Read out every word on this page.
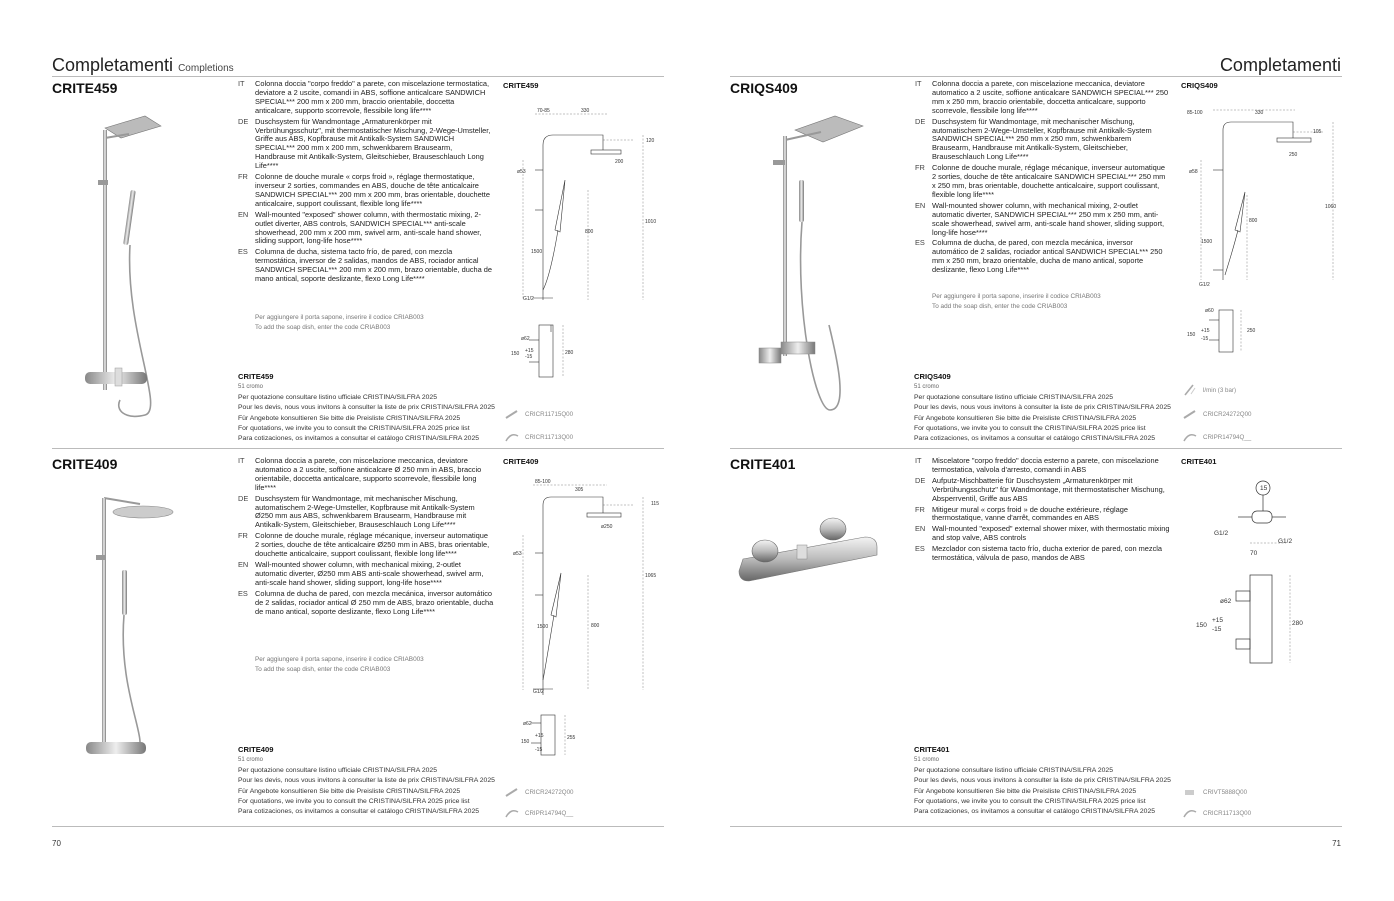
Completamenti Completions	Completamenti
CRITE459	IT	Colonna doccia "corpo freddo" a parete, con miscelazione termostatica, deviatore a 2 uscite, comandi in ABS, soffione anticalcare SANDWICH SPECIAL*** 200 mm x 200 mm, braccio orientabile, doccetta anticalcare, supporto scorrevole, flessibile long life****
DE Duschsystem für Wandmontage „Armaturenkörper mit Verbrühungsschutz", mit thermostatischer Mischung, 2-Wege-Umsteller, Griffe aus ABS, Kopfbrause mit Antikalk-System SANDWICH SPECIAL*** 200 mm x 200 mm, schwenkbarem Brausearm, Handbrause mit Antikalk-System, Gleitschieber, Brauseschlauch Long Life****
FR Colonne de douche murale « corps froid », réglage thermostatique, inverseur 2 sorties, commandes en ABS, douche de tête anticalcaire SANDWICH SPECIAL*** 200 mm x 200 mm, bras orientable, douchette anticalcaire, support coulissant, flexible long life****
EN Wall-mounted "exposed" shower column, with thermostatic mixing, 2-outlet diverter, ABS controls, SANDWICH SPECIAL*** anti-scale showerhead, 200 mm x 200 mm, swivel arm, anti-scale hand shower, sliding support, long-life hose****
ES Columna de ducha, sistema tacto frío, de pared, con mezcla termostática, inversor de 2 salidas, mandos de ABS, rociador antical SANDWICH SPECIAL*** 200 mm x 200 mm, brazo orientable, ducha de mano antical, soporte deslizante, flexo Long Life****
Per aggiungere il porta sapone, inserire il codice CRIAB003
To add the soap dish, enter the code CRIAB003
CRITE459
51 cromo
Per quotazione consultare listino ufficiale CRISTINA/SILFRA 2025
Pour les devis, nous vous invitons à consulter la liste de prix CRISTINA/SILFRA 2025
Für Angebote konsultieren Sie bitte die Preisliste CRISTINA/SILFRA 2025
For quotations, we invite you to consult the CRISTINA/SILFRA 2025 price list
Para cotizaciones, os invitamos a consultar el catálogo CRISTINA/SILFRA 2025
CRITE459
70-85	330
120
200
ø53
800
1010
1500
G1/2
ø62
150 +15
-15
280
CRICR11715Q00
CRICR11713Q00
CRITE409	IT	Colonna doccia a parete, con miscelazione meccanica, deviatore automatico a 2 uscite, soffione anticalcare Ø 250 mm in ABS, braccio orientabile, doccetta anticalcare, supporto scorrevole, flessibile long life****
DE Duschsystem für Wandmontage, mit mechanischer Mischung, automatischem 2-Wege-Umsteller, Kopfbrause mit Antikalk-System Ø250 mm aus ABS, schwenkbarem Brausearm, Handbrause mit Antikalk-System, Gleitschieber, Brauseschlauch Long Life****
FR Colonne de douche murale, réglage mécanique, inverseur automatique 2 sorties, douche de tête anticalcaire Ø250 mm in ABS, bras orientable, douchette anticalcaire, support coulissant, flexible long life****
EN Wall-mounted shower column, with mechanical mixing, 2-outlet automatic diverter, Ø250 mm ABS anti-scale showerhead, swivel arm, anti-scale hand shower, sliding support, long-life hose****
ES Columna de ducha de pared, con mezcla mecánica, inversor automático de 2 salidas, rociador antical Ø 250 mm de ABS, brazo orientable, ducha de mano antical, soporte deslizante, flexo Long Life****
Per aggiungere il porta sapone, inserire il codice CRIAB003
To add the soap dish, enter the code CRIAB003
CRITE409
51 cromo
Per quotazione consultare listino ufficiale CRISTINA/SILFRA 2025
Pour les devis, nous vous invitons à consulter la liste de prix CRISTINA/SILFRA 2025
Für Angebote konsultieren Sie bitte die Preisliste CRISTINA/SILFRA 2025
For quotations, we invite you to consult the CRISTINA/SILFRA 2025 price list
Para cotizaciones, os invitamos a consultar el catálogo CRISTINA/SILFRA 2025
CRITE409
85-100
305
115
ø250
ø53
800
1065
1500
G1/2
ø62
150
+15
-15
255
CRICR24272Q00
CRIPR14794Q__
70
CRIQS409	IT	Colonna doccia a parete, con miscelazione meccanica, deviatore automatico a 2 uscite, soffione anticalcare SANDWICH SPECIAL*** 250 mm x 250 mm, braccio orientabile, doccetta anticalcare, supporto scorrevole, flessibile long life****
DE Duschsystem für Wandmontage, mit mechanischer Mischung, automatischem 2-Wege-Umsteller, Kopfbrause mit Antikalk-System SANDWICH SPECIAL*** 250 mm x 250 mm, schwenkbarem Brausearm, Handbrause mit Antikalk-System, Gleitschieber, Brauseschlauch Long Life****
FR Colonne de douche murale, réglage mécanique, inverseur automatique 2 sorties, douche de tête anticalcaire SANDWICH SPECIAL*** 250 mm x 250 mm, bras orientable, douchette anticalcaire, support coulissant, flexible long life****
EN Wall-mounted shower column, with mechanical mixing, 2-outlet automatic diverter, SANDWICH SPECIAL*** 250 mm x 250 mm, anti-scale showerhead, swivel arm, anti-scale hand shower, sliding support, long-life hose****
ES Columna de ducha, de pared, con mezcla mecánica, inversor automático de 2 salidas, rociador antical SANDWICH SPECIAL*** 250 mm x 250 mm, brazo orientable, ducha de mano antical, soporte deslizante, flexo Long Life****
Per aggiungere il porta sapone, inserire il codice CRIAB003
To add the soap dish, enter the code CRIAB003
CRIQS409
51 cromo
Per quotazione consultare listino ufficiale CRISTINA/SILFRA 2025
Pour les devis, nous vous invitons à consulter la liste de prix CRISTINA/SILFRA 2025
Für Angebote konsultieren Sie bitte die Preisliste CRISTINA/SILFRA 2025
For quotations, we invite you to consult the CRISTINA/SILFRA 2025 price list
Para cotizaciones, os invitamos a consultar el catálogo CRISTINA/SILFRA 2025
CRIQS409
85-100	330
105
250
ø58
800
1060
1500
G1/2
ø60
150
+15
-15
250
l/min (3 bar)
CRICR24272Q00
CRIPR14794Q__
CRITE401	IT	Miscelatore "corpo freddo" doccia esterno a parete, con miscelazione termostatica, valvola d'arresto, comandi in ABS
DE Aufputz-Mischbatterie für Duschsystem „Armaturenkörper mit Verbrühungsschutz" für Wandmontage, mit thermostatischer Mischung, Absperrventil, Griffe aus ABS
FR Mitigeur mural « corps froid » de douche extérieure, réglage thermostatique, vanne d'arrêt, commandes en ABS
EN Wall-mounted "exposed" external shower mixer, with thermostatic mixing and stop valve, ABS controls
ES Mezclador con sistema tacto frío, ducha exterior de pared, con mezcla termostática, válvula de paso, mandos de ABS
CRITE401
51 cromo
Per quotazione consultare listino ufficiale CRISTINA/SILFRA 2025
Pour les devis, nous vous invitons à consulter la liste de prix CRISTINA/SILFRA 2025
Für Angebote konsultieren Sie bitte die Preisliste CRISTINA/SILFRA 2025
For quotations, we invite you to consult the CRISTINA/SILFRA 2025 price list
Para cotizaciones, os invitamos a consultar el catálogo CRISTINA/SILFRA 2025
CRITE401
15
G1/2
G1/2
70
ø62
150	280
+15
-15
CRIVT5888Q00
CRICR11713Q00
71
